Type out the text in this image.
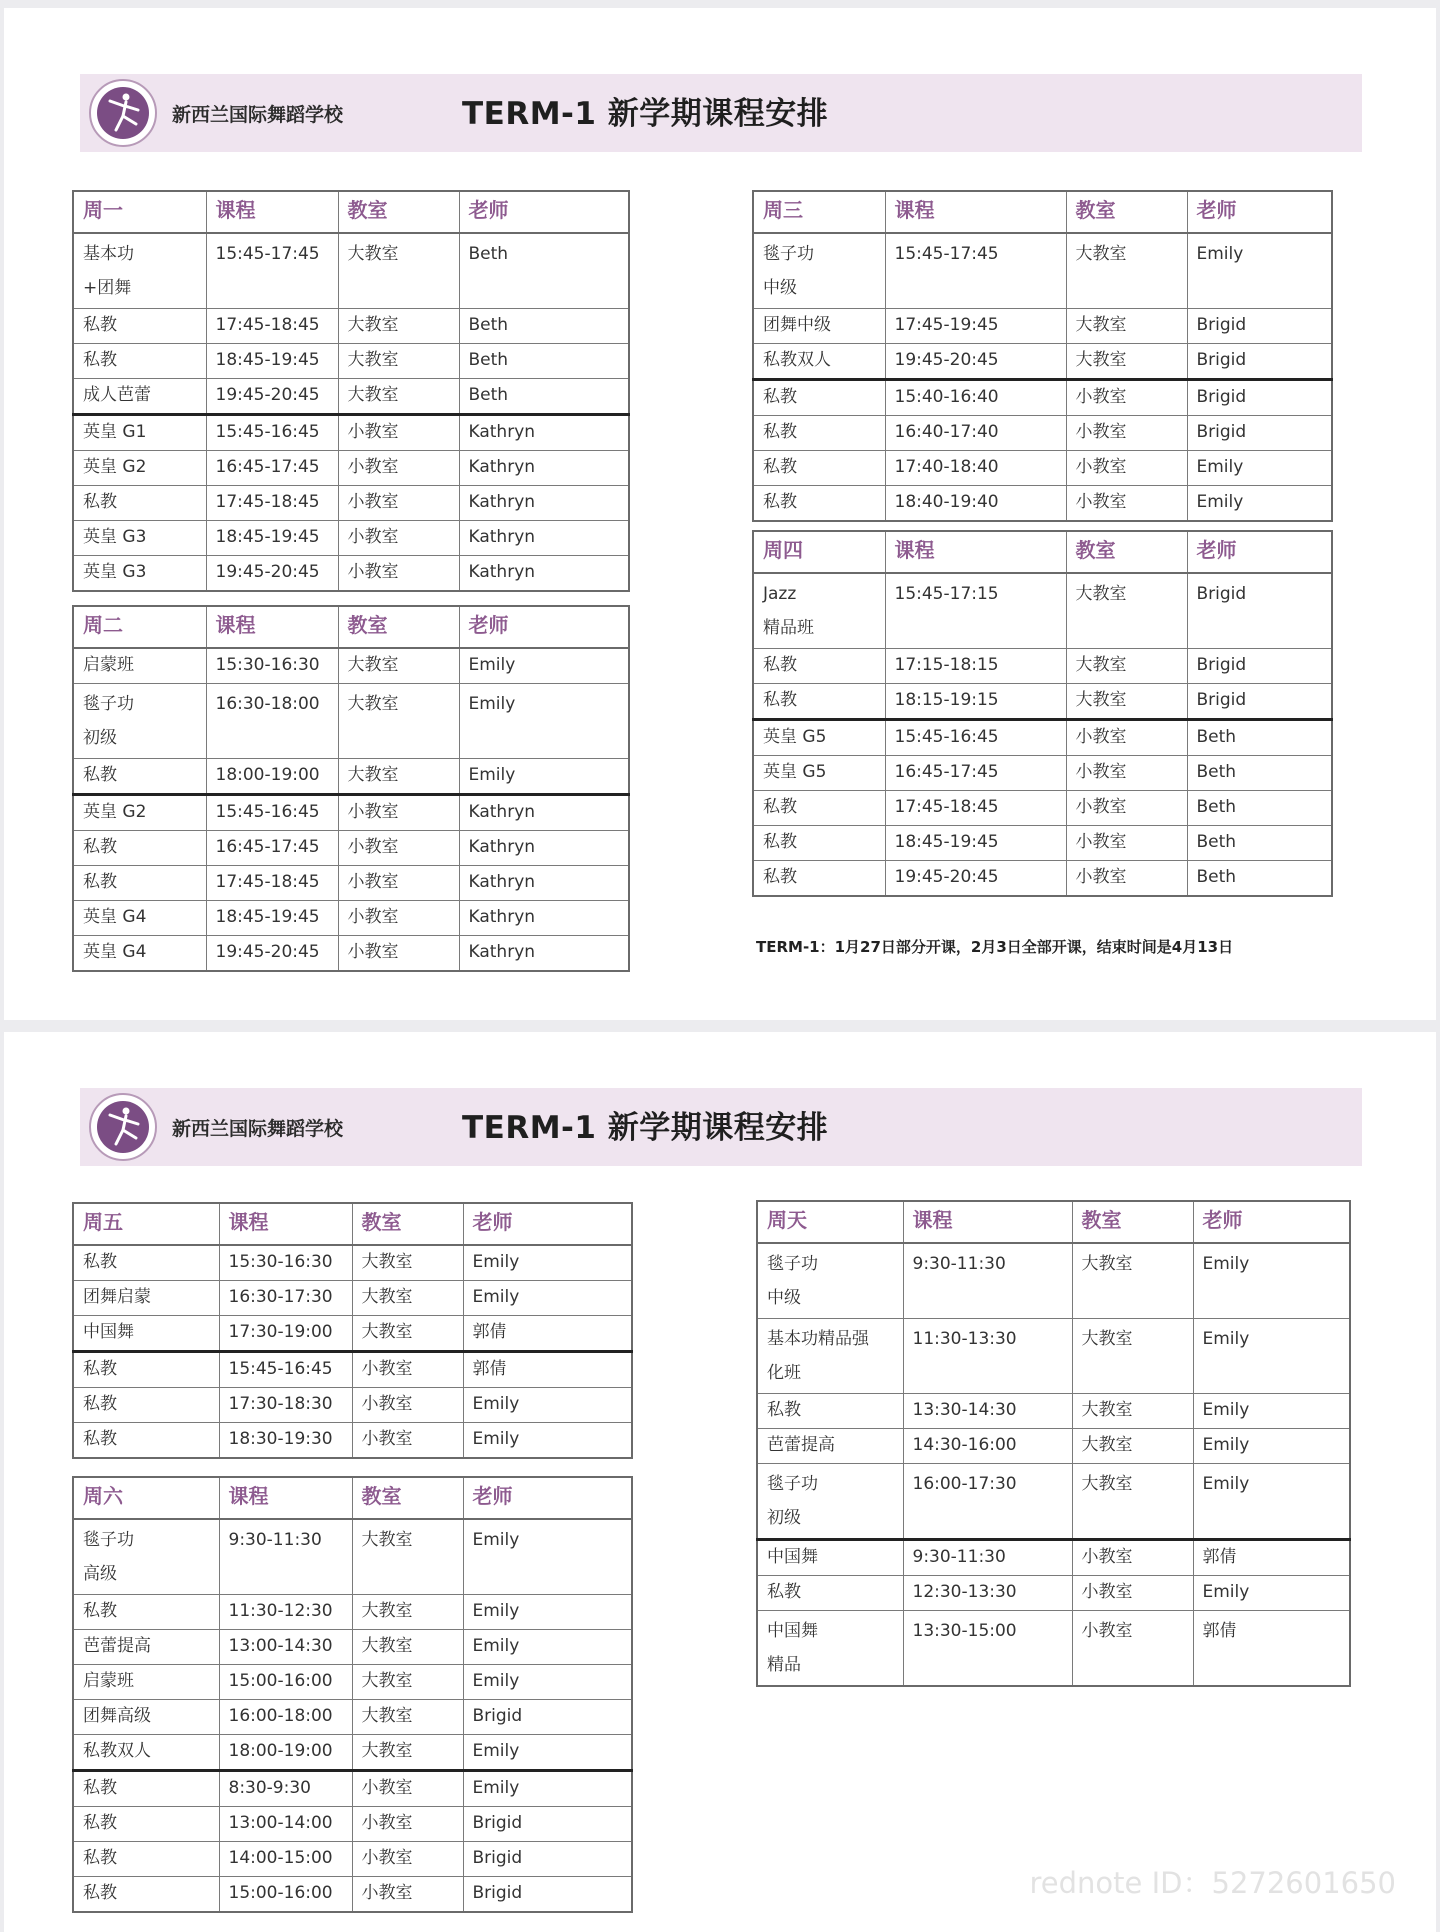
新西兰国际舞蹈学校	TERM-1 新学期课程安排
周一	课程	教室	老师
基本功
+团舞	15:45-17:45	大教室	Beth
私教	17:45-18:45	大教室	Beth
私教	18:45-19:45	大教室	Beth
成人芭蕾	19:45-20:45	大教室	Beth
英皇 G1	15:45-16:45	小教室	Kathryn
英皇 G2	16:45-17:45	小教室	Kathryn
私教	17:45-18:45	小教室	Kathryn
英皇 G3	18:45-19:45	小教室	Kathryn
英皇 G3	19:45-20:45	小教室	Kathryn
周二	课程	教室	老师
启蒙班	15:30-16:30	大教室	Emily
毯子功
初级	16:30-18:00	大教室	Emily
私教	18:00-19:00	大教室	Emily
英皇 G2	15:45-16:45	小教室	Kathryn
私教	16:45-17:45	小教室	Kathryn
私教	17:45-18:45	小教室	Kathryn
英皇 G4	18:45-19:45	小教室	Kathryn
英皇 G4	19:45-20:45	小教室	Kathryn
周三	课程	教室	老师
毯子功
中级	15:45-17:45	大教室	Emily
团舞中级	17:45-19:45	大教室	Brigid
私教双人	19:45-20:45	大教室	Brigid
私教	15:40-16:40	小教室	Brigid
私教	16:40-17:40	小教室	Brigid
私教	17:40-18:40	小教室	Emily
私教	18:40-19:40	小教室	Emily
周四	课程	教室	老师
Jazz
精品班	15:45-17:15	大教室	Brigid
私教	17:15-18:15	大教室	Brigid
私教	18:15-19:15	大教室	Brigid
英皇 G5	15:45-16:45	小教室	Beth
英皇 G5	16:45-17:45	小教室	Beth
私教	17:45-18:45	小教室	Beth
私教	18:45-19:45	小教室	Beth
私教	19:45-20:45	小教室	Beth
TERM-1：1月27日部分开课，2月3日全部开课，结束时间是4月13日
新西兰国际舞蹈学校	TERM-1 新学期课程安排
周五	课程	教室	老师
私教	15:30-16:30	大教室	Emily
团舞启蒙	16:30-17:30	大教室	Emily
中国舞	17:30-19:00	大教室	郭倩
私教	15:45-16:45	小教室	郭倩
私教	17:30-18:30	小教室	Emily
私教	18:30-19:30	小教室	Emily
周六	课程	教室	老师
毯子功
高级	9:30-11:30	大教室	Emily
私教	11:30-12:30	大教室	Emily
芭蕾提高	13:00-14:30	大教室	Emily
启蒙班	15:00-16:00	大教室	Emily
团舞高级	16:00-18:00	大教室	Brigid
私教双人	18:00-19:00	大教室	Emily
私教	8:30-9:30	小教室	Emily
私教	13:00-14:00	小教室	Brigid
私教	14:00-15:00	小教室	Brigid
私教	15:00-16:00	小教室	Brigid
周天	课程	教室	老师
毯子功
中级	9:30-11:30	大教室	Emily
基本功精品强
化班	11:30-13:30	大教室	Emily
私教	13:30-14:30	大教室	Emily
芭蕾提高	14:30-16:00	大教室	Emily
毯子功
初级	16:00-17:30	大教室	Emily
中国舞	9:30-11:30	小教室	郭倩
私教	12:30-13:30	小教室	Emily
中国舞
精品	13:30-15:00	小教室	郭倩
rednote ID：5272601650
